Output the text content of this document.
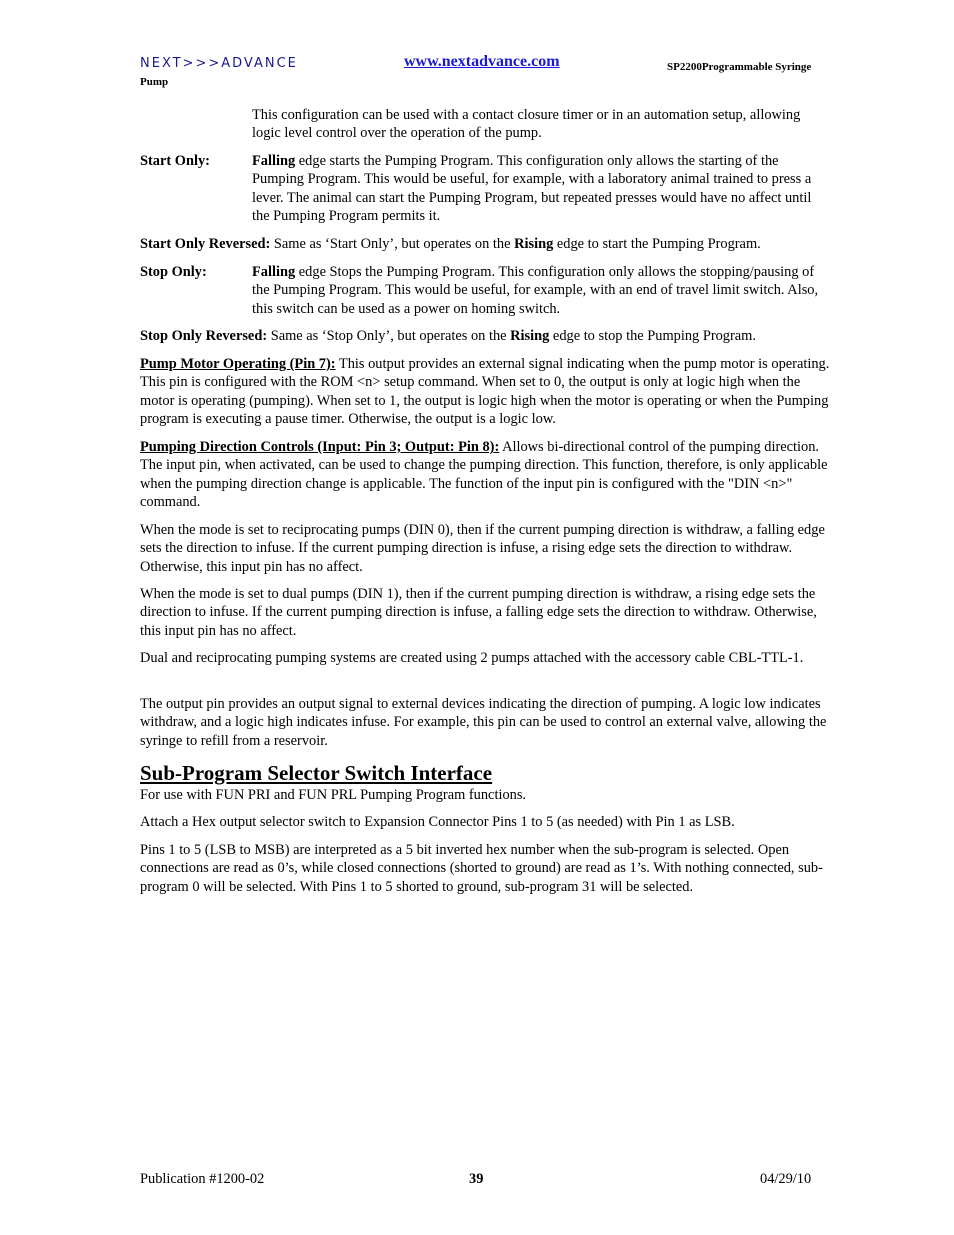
NEXT>>>ADVANCE	www.nextadvance.com	SP2200Programmable Syringe
Pump
This configuration can be used with a contact closure timer or in an automation setup, allowing logic level control over the operation of the pump.
Start Only:	Falling edge starts the Pumping Program. This configuration only allows the starting of the Pumping Program. This would be useful, for example, with a laboratory animal trained to press a lever. The animal can start the Pumping Program, but repeated presses would have no affect until the Pumping Program permits it.
Start Only Reversed: Same as ‘Start Only’, but operates on the Rising edge to start the Pumping Program.
Stop Only:	Falling edge Stops the Pumping Program. This configuration only allows the stopping/pausing of the Pumping Program. This would be useful, for example, with an end of travel limit switch. Also, this switch can be used as a power on homing switch.
Stop Only Reversed: Same as ‘Stop Only’, but operates on the Rising edge to stop the Pumping Program.
Pump Motor Operating (Pin 7): This output provides an external signal indicating when the pump motor is operating. This pin is configured with the ROM <n> setup command. When set to 0, the output is only at logic high when the motor is operating (pumping). When set to 1, the output is logic high when the motor is operating or when the Pumping program is executing a pause timer. Otherwise, the output is a logic low.
Pumping Direction Controls (Input: Pin 3; Output: Pin 8): Allows bi-directional control of the pumping direction. The input pin, when activated, can be used to change the pumping direction. This function, therefore, is only applicable when the pumping direction change is applicable. The function of the input pin is configured with the "DIN <n>" command.
When the mode is set to reciprocating pumps (DIN 0), then if the current pumping direction is withdraw, a falling edge sets the direction to infuse. If the current pumping direction is infuse, a rising edge sets the direction to withdraw. Otherwise, this input pin has no affect.
When the mode is set to dual pumps (DIN 1), then if the current pumping direction is withdraw, a rising edge sets the direction to infuse. If the current pumping direction is infuse, a falling edge sets the direction to withdraw. Otherwise, this input pin has no affect.
Dual and reciprocating pumping systems are created using 2 pumps attached with the accessory cable CBL-TTL-1.
The output pin provides an output signal to external devices indicating the direction of pumping. A logic low indicates withdraw, and a logic high indicates infuse. For example, this pin can be used to control an external valve, allowing the syringe to refill from a reservoir.
Sub-Program Selector Switch Interface
For use with FUN PRI and FUN PRL Pumping Program functions.
Attach a Hex output selector switch to Expansion Connector Pins 1 to 5 (as needed) with Pin 1 as LSB.
Pins 1 to 5 (LSB to MSB) are interpreted as a 5 bit inverted hex number when the sub-program is selected. Open connections are read as 0’s, while closed connections (shorted to ground) are read as 1’s. With nothing connected, sub-program 0 will be selected. With Pins 1 to 5 shorted to ground, sub-program 31 will be selected.
Publication #1200-02	39	04/29/10
